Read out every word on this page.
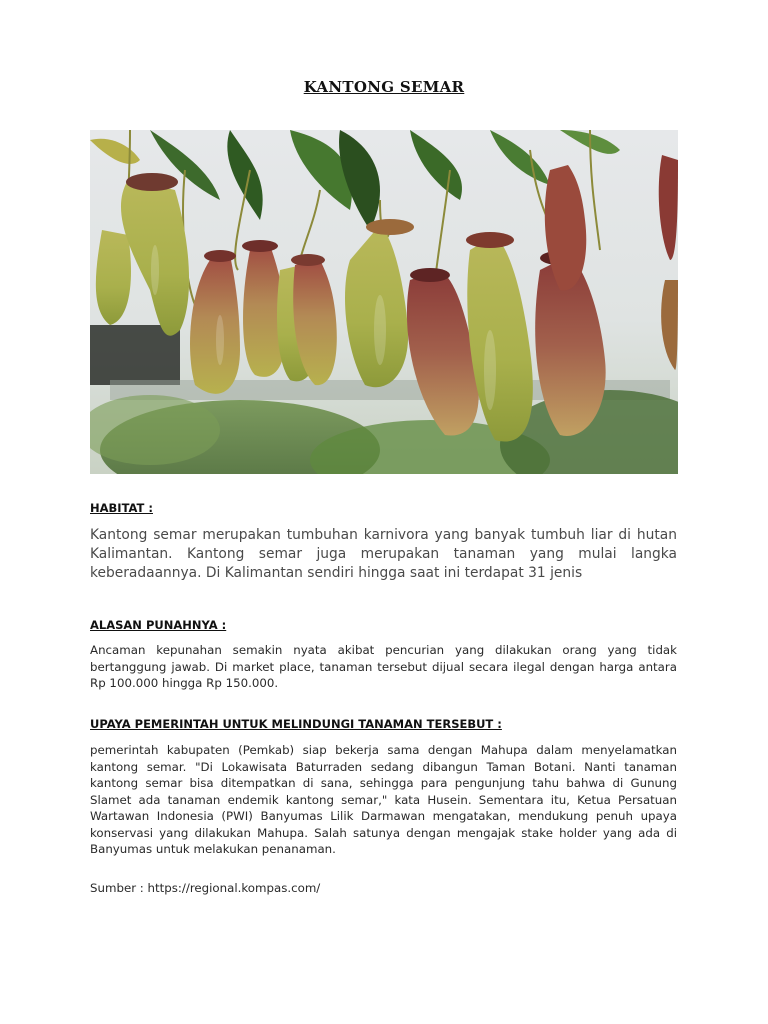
KANTONG SEMAR
HABITAT :
Kantong semar merupakan tumbuhan karnivora yang banyak tumbuh liar di hutan Kalimantan. Kantong semar juga merupakan tanaman yang mulai langka keberadaannya. Di Kalimantan sendiri hingga saat ini terdapat 31 jenis
ALASAN PUNAHNYA :
Ancaman kepunahan semakin nyata akibat pencurian yang dilakukan orang yang tidak bertanggung jawab. Di market place, tanaman tersebut dijual secara ilegal dengan harga antara Rp 100.000 hingga Rp 150.000.
UPAYA PEMERINTAH UNTUK MELINDUNGI TANAMAN TERSEBUT :
pemerintah kabupaten (Pemkab) siap bekerja sama dengan Mahupa dalam menyelamatkan kantong semar. "Di Lokawisata Baturraden sedang dibangun Taman Botani. Nanti tanaman kantong semar bisa ditempatkan di sana, sehingga para pengunjung tahu bahwa di Gunung Slamet ada tanaman endemik kantong semar," kata Husein. Sementara itu, Ketua Persatuan Wartawan Indonesia (PWI) Banyumas Lilik Darmawan mengatakan, mendukung penuh upaya konservasi yang dilakukan Mahupa. Salah satunya dengan mengajak stake holder yang ada di Banyumas untuk melakukan penanaman.
Sumber : https://regional.kompas.com/
